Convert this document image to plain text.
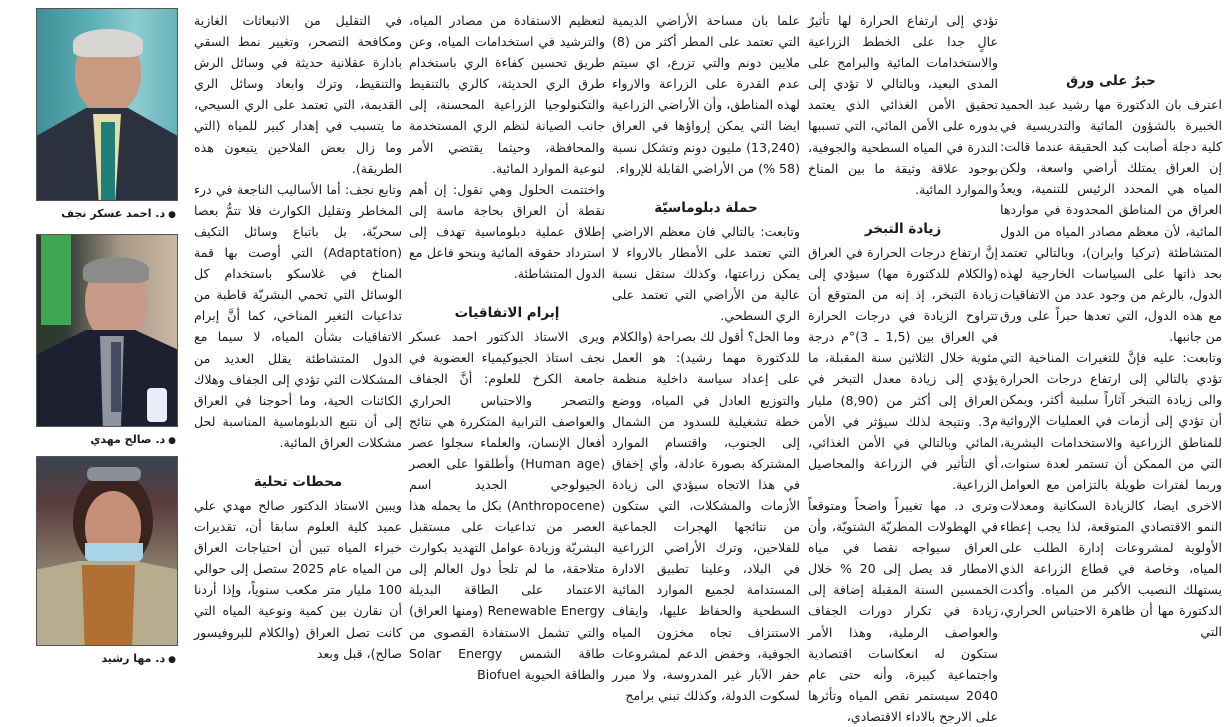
حبرٌ على ورق

اعترف بان الدكتورة مها رشيد عبد الحميد الخبيرة بالشؤون المائية والتدريسية في كلية دجلة أصابت كبد الحقيقة عندما قالت: إن العراق يمتلك أراضي واسعة، ولكن المياه هي المحدد الرئيس للتنمية، ويعدُ العراق من المناطق المحدودة في مواردها المائية، لأن معظم مصادر المياه من الدول المتشاطئة (تركيا وايران)، وبالتالي تعتمد بحد ذاتها على السياسات الخارجية لهذه الدول، بالرغم من وجود عدد من الاتفاقيات مع هذه الدول، التي تعدها حبراً على ورق من جانبها.

وتابعت: عليه فإنَّ للتغيرات المناخية التي تؤدي بالتالي إلى ارتفاع درجات الحرارة والى زيادة التبخر آثاراً سلبية أكثر، ويمكن أن تؤدي إلى أزمات في العمليات الإروائية للمناطق الزراعية والاستخدامات البشرية، التي من الممكن أن تستمر لعدة سنوات، وربما لفترات طويلة بالتزامن مع العوامل الاخرى ايضا، كالزيادة السكانية ومعدلات النمو الاقتصادي المتوقعة، لذا يجب إعطاء الأولوية لمشروعات إدارة الطلب على المياه، وخاصة في قطاع الزراعة الذي يستهلك النصيب الأكبر من المياه. وأكدت الدكتورة مها أن ظاهرة الاحتباس الحراري، التي

تؤدي إلى ارتفاع الحرارة لها تأثيرٌ عالٍ جدا على الخطط الزراعية والاستخدامات المائية والبرامج على المدى البعيد، وبالتالي لا تؤدي إلى تحقيق الأمن الغذائي الذي يعتمد بدوره على الأمن المائي، التي تسببها الندرة في المياه السطحية والجوفية، بوجود علاقة وثيقة ما بين المناخ والموارد المائية.

زيادة التبخر

إنَّ ارتفاع درجات الحرارة في العراق (والكلام للدكتورة مها) سيؤدي إلى زيادة التبخر، إذ إنه من المتوقع أن تتراوح الزيادة في درجات الحرارة في العراق بين (1,5 ـ 3)°م درجة مئوية خلال الثلاثين سنة المقبلة، ما يؤدي إلى زيادة معدل التبخر في العراق إلى أكثر من (8,90) مليار م3. ونتيجة لذلك سيؤثر في الأمن المائي وبالتالي في الأمن الغذائي، أي التأثير في الزراعة والمحاصيل الزراعية.

وترى د. مها تغييراً واضحاً ومتوقعاً في الهطولات المطريّة الشتويّة، وأن العراق سيواجه نقصا في مياه الامطار قد يصل إلى 20 % خلال الخمسين السنة المقبلة إضافة إلى زيادة في تكرار دورات الجفاف والعواصف الرملية، وهذا الأمر ستكون له انعكاسات اقتصادية واجتماعية كبيرة، وأنه حتى عام 2040 سيستمر نقص المياه وتأثرها على الارجح بالاداء الاقتصادي،

علما بان مساحة الأراضي الديمية التي تعتمد على المطر أكثر من (8) ملايين دونم والتي تزرع، اي سيتم عدم القدرة على الزراعة والارواء لهذه المناطق، وأن الأراضي الزراعية ايضا التي يمكن إرواؤها في العراق (13,240) مليون دونم وتشكل نسبة (58 %) من الأراضي القابلة للإرواء.

حملة دبلوماسيّة

وتابعت: بالتالي فان معظم الاراضي التي تعتمد على الأمطار بالارواء لا يمكن زراعتها، وكذلك ستقل نسبة عالية من الأراضي التي تعتمد على الري السطحي.

وما الحل؟ أقول لك بصراحة (والكلام للدكتورة مهما رشيد): هو العمل على إعداد سياسة داخلية منظمة والتوزيع العادل في المياه، ووضع خطة تشغيلية للسدود من الشمال إلى الجنوب، واقتسام الموارد المشتركة بصورة عادلة، وأي إخفاق في هذا الاتجاه سيؤدي الى زيادة الأزمات والمشكلات، التي ستكون من نتائجها الهجرات الجماعية للفلاحين، وترك الأراضي الزراعية في البلاد، وعلينا تطبيق الادارة المستدامة لجميع الموارد المائية السطحية والحفاظ عليها، وايقاف الاستنزاف تجاه مخزون المياه الجوفية، وخفض الدعم لمشروعات حفر الآبار غير المدروسة، ولا مبرر لسكوت الدولة، وكذلك تبني برامج

لتعظيم الاستفادة من مصادر المياه، والترشيد في استخدامات المياه، وعن طريق تحسين كفاءة الري باستخدام طرق الري الحديثة، كالري بالتنقيط والتكنولوجيا الزراعية المحسنة، إلى جانب الصيانة لنظم الري المستخدمة والمحافظة، وحيثما يقتضي الأمر لنوعية الموارد المائية.

واختتمت الحلول وهي تقول: إن أهم نقطة أن العراق بحاجة ماسة إلى إطلاق عملية دبلوماسية تهدف إلى استرداد حقوقه المائية وبنحو فاعل مع الدول المتشاطئة.

إبرام الاتفاقيات

ويرى الاستاذ الدكتور احمد عسكر نجف استاذ الجيوكيمياء العضوية في جامعة الكرخ للعلوم: أنَّ الجفاف والتصحر والاحتباس الحراري والعواصف الترابية المتكررة هي نتائج أفعال الإنسان، والعلماء سجلوا عصر (Human age) وأطلقوا على العصر الجيولوجي الجديد اسم (Anthropocene) بكل ما يحمله هذا العصر من تداعيات على مستقبل البشريّة وزيادة عوامل التهديد بكوارث متلاحقة، ما لم تلجأ دول العالم إلى الاعتماد على الطاقة البديلة Renewable Energy (ومنها العراق) والتي تشمل الاستفادة القصوى من طاقة الشمس Solar Energy والطاقة الحيوية Biofuel

في التقليل من الانبعاثات الغازية ومكافحة التصحر، وتغيير نمط السقي بادارة عقلانية حديثة في وسائل الرش والتنقيط، وترك وابعاد وسائل الري القديمة، التي تعتمد على الري السيحي، ما يتسبب في إهدار كبير للمياه (التي وما زال بعض الفلاحين يتبعون هذه الطريقة).

وتابع نجف: أما الأساليب الناجعة في درء المخاطر وتقليل الكوارث فلا تتمُّ بعصا سحريّة، بل باتباع وسائل التكيف (Adaptation) التي أوصت بها قمة المناخ في غلاسكو باستخدام كل الوسائل التي تحمي البشريّة قاطبة من تداعيات التغير المناخي، كما أنَّ إبرام الاتفاقيات بشأن المياه، لا سيما مع الدول المتشاطئة يقلل العديد من المشكلات التي تؤدي إلى الجفاف وهلاك الكائنات الحية، وما أحوجنا في العراق إلى أن نتبع الدبلوماسية المناسبة لحل مشكلات العراق المائية.

محطات تحلية

ويبين الاستاذ الدكتور صالح مهدي علي عميد كلية العلوم سابقا أن، تقديرات خبراء المياه تبين أن احتياجات العراق من المياه عام 2025 ستصل إلى حوالي 100 مليار متر مكعب سنوياً، وإذا أردنا أن نقارن بين كمية ونوعية المياه التي كانت تصل العراق (والكلام للبروفيسور صالح)، قبل وبعد

●د. احمد عسكر نجف
●د. صالح مهدي
●د. مها رشيد
